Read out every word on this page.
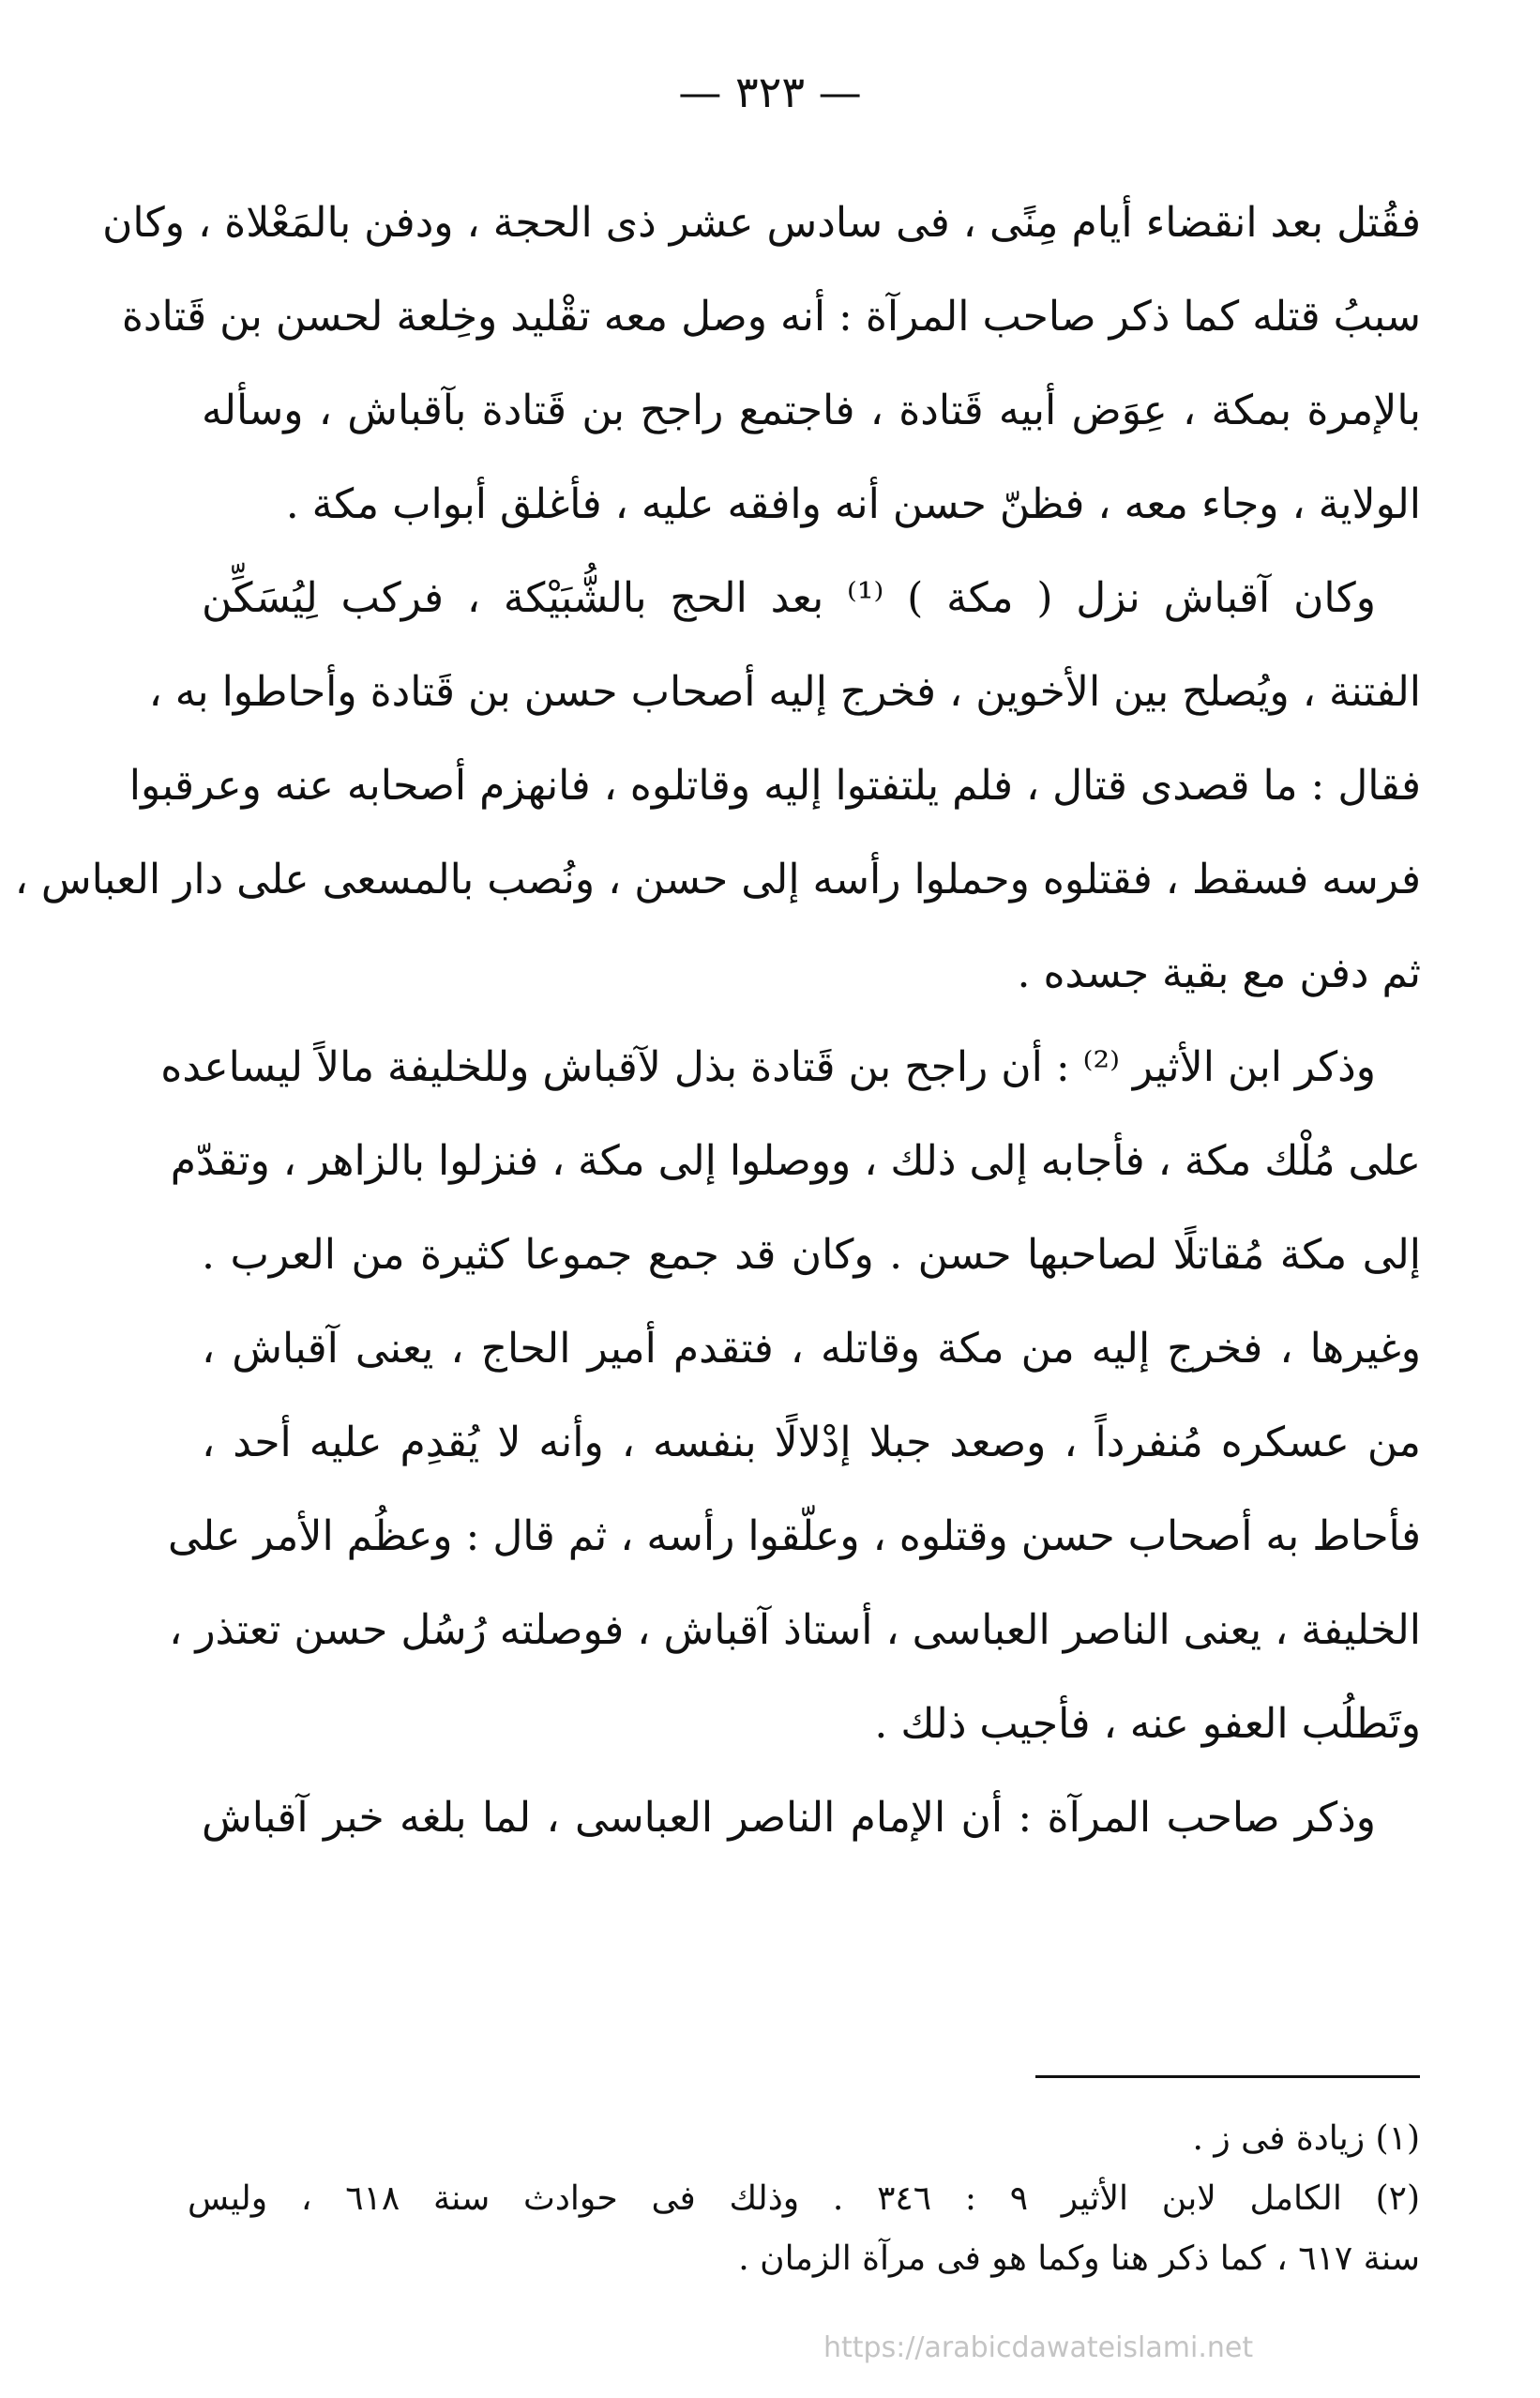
— ٣٢٣ —
فقُتل بعد انقضاء أيام مِنًى ، فى سادس عشر ذى الحجة ، ودفن بالمَعْلاة ، وكان
سببُ قتله كما ذكر صاحب المرآة : أنه وصل معه تقْليد وخِلعة لحسن بن قَتادة
بالإمرة بمكة ، عِوَض أبيه قَتادة ، فاجتمع راجح بن قَتادة بآقباش ، وسأله
الولاية ، وجاء معه ، فظنّ حسن أنه وافقه عليه ، فأغلق أبواب مكة .
وكان آقباش نزل ( مكة ) ⁽¹⁾ بعد الحج بالشُّبَيْكة ، فركب لِيُسَكِّن
الفتنة ، ويُصلح بين الأخوين ، فخرج إليه أصحاب حسن بن قَتادة وأحاطوا به ،
فقال : ما قصدى قتال ، فلم يلتفتوا إليه وقاتلوه ، فانهزم أصحابه عنه وعرقبوا
فرسه فسقط ، فقتلوه وحملوا رأسه إلى حسن ، ونُصب بالمسعى على دار العباس ،
ثم دفن مع بقية جسده .
وذكر ابن الأثير ⁽²⁾ : أن راجح بن قَتادة بذل لآقباش وللخليفة مالاً ليساعده
على مُلْك مكة ، فأجابه إلى ذلك ، ووصلوا إلى مكة ، فنزلوا بالزاهر ، وتقدّم
إلى مكة مُقاتلًا لصاحبها حسن . وكان قد جمع جموعا كثيرة من العرب .
وغيرها ، فخرج إليه من مكة وقاتله ، فتقدم أمير الحاج ، يعنى آقباش ،
من عسكره مُنفرداً ، وصعد جبلا إدْلالًا بنفسه ، وأنه لا يُقدِم عليه أحد ،
فأحاط به أصحاب حسن وقتلوه ، وعلّقوا رأسه ، ثم قال : وعظُم الأمر على
الخليفة ، يعنى الناصر العباسى ، أستاذ آقباش ، فوصلته رُسُل حسن تعتذر ،
وتَطلُب العفو عنه ، فأجيب ذلك .
وذكر صاحب المرآة : أن الإمام الناصر العباسى ، لما بلغه خبر آقباش
(١) زيادة فى ز .
(٢) الكامل لابن الأثير ٩ : ٣٤٦ . وذلك فى حوادث سنة ٦١٨ ، وليس
سنة ٦١٧ ، كما ذكر هنا وكما هو فى مرآة الزمان .
https://arabicdawateislami.net
